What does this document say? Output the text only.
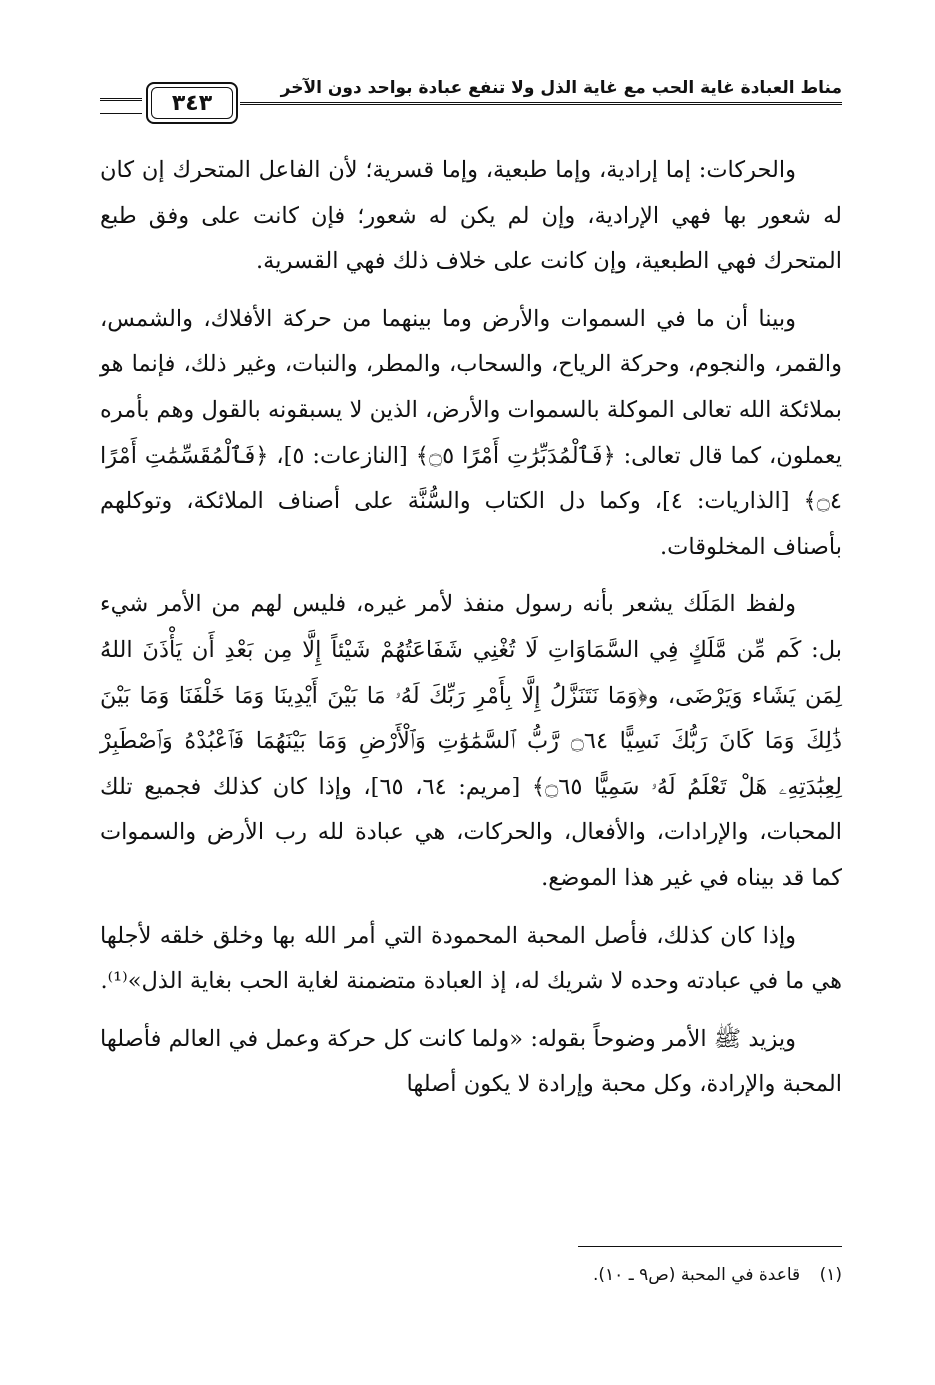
مناط العبادة غاية الحب مع غاية الذل ولا تنفع عبادة بواحد دون الآخر
٣٤٣

والحركات: إما إرادية، وإما طبعية، وإما قسرية؛ لأن الفاعل المتحرك إن كان له شعور بها فهي الإرادية، وإن لم يكن له شعور؛ فإن كانت على وفق طبع المتحرك فهي الطبعية، وإن كانت على خلاف ذلك فهي القسرية.

وبينا أن ما في السموات والأرض وما بينهما من حركة الأفلاك، والشمس، والقمر، والنجوم، وحركة الرياح، والسحاب، والمطر، والنبات، وغير ذلك، فإنما هو بملائكة الله تعالى الموكلة بالسموات والأرض، الذين لا يسبقونه بالقول وهم بأمره يعملون، كما قال تعالى: ﴿فَٱلْمُدَبِّرَٰتِ أَمْرًا ۝٥﴾ [النازعات: ٥]، ﴿فَٱلْمُقَسِّمَٰتِ أَمْرًا ۝٤﴾ [الذاريات: ٤]، وكما دل الكتاب والسُّنَّة على أصناف الملائكة، وتوكلهم بأصناف المخلوقات.

ولفظ المَلَك يشعر بأنه رسول منفذ لأمر غيره، فليس لهم من الأمر شيء بل: كَم مِّن مَّلَكٍ فِي السَّمَاوَاتِ لَا تُغْنِي شَفَاعَتُهُمْ شَيْئاً إِلَّا مِن بَعْدِ أَن يَأْذَنَ اللهُ لِمَن يَشَاء وَيَرْضَى، و﴿وَمَا نَتَنَزَّلُ إِلَّا بِأَمْرِ رَبِّكَ لَهُۥ مَا بَيْنَ أَيْدِينَا وَمَا خَلْفَنَا وَمَا بَيْنَ ذَٰلِكَ وَمَا كَانَ رَبُّكَ نَسِيًّا ۝٦٤ رَّبُّ ٱلسَّمَٰوَٰتِ وَٱلْأَرْضِ وَمَا بَيْنَهُمَا فَٱعْبُدْهُ وَٱصْطَبِرْ لِعِبَٰدَتِهِۦ هَلْ تَعْلَمُ لَهُۥ سَمِيًّا ۝٦٥﴾ [مريم: ٦٤، ٦٥]، وإذا كان كذلك فجميع تلك المحبات، والإرادات، والأفعال، والحركات، هي عبادة لله رب الأرض والسموات كما قد بيناه في غير هذا الموضع.

وإذا كان كذلك، فأصل المحبة المحمودة التي أمر الله بها وخلق خلقه لأجلها هي ما في عبادته وحده لا شريك له، إذ العبادة متضمنة لغاية الحب بغاية الذل»⁽¹⁾.

ويزيد ﷺ الأمر وضوحاً بقوله: «ولما كانت كل حركة وعمل في العالم فأصلها المحبة والإرادة، وكل محبة وإرادة لا يكون أصلها

(١) قاعدة في المحبة (ص٩ ـ ١٠).
